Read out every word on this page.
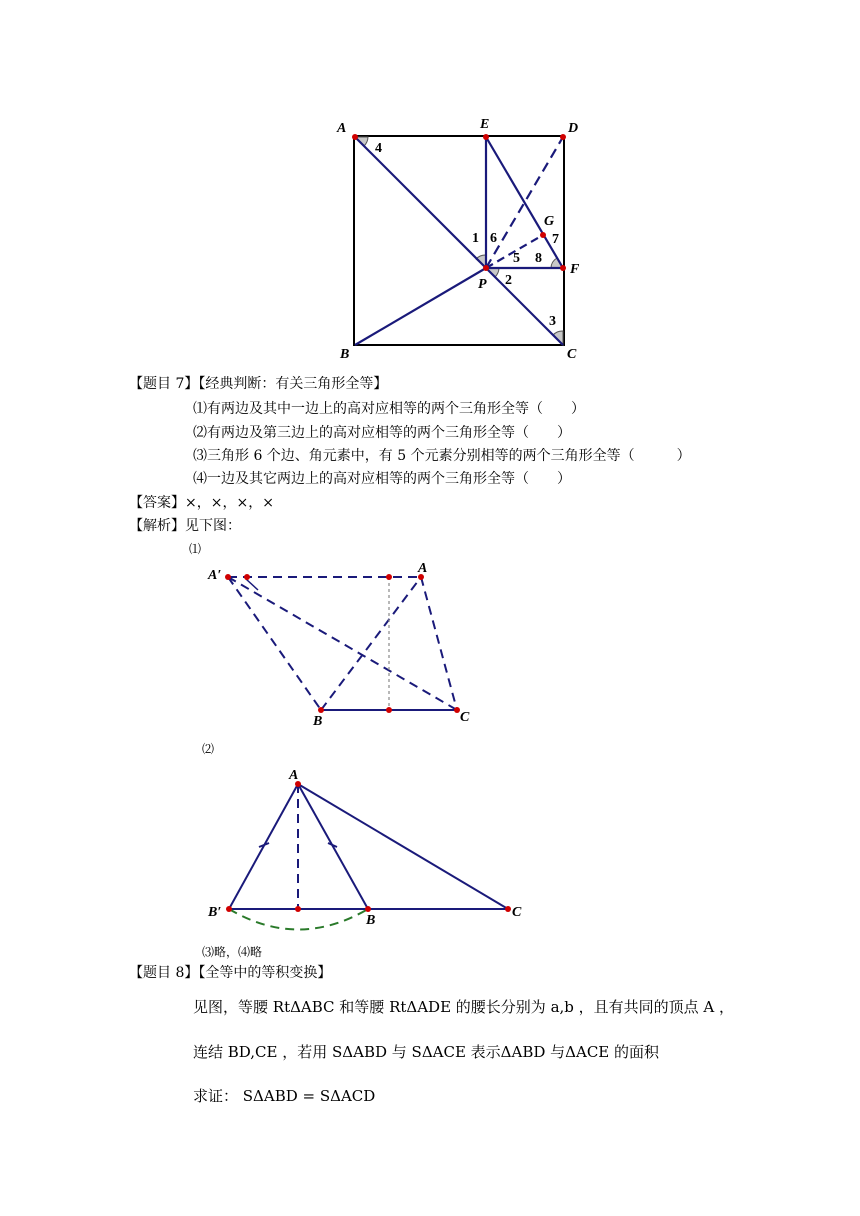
A	E	D
G
F
P
B	C
1
2
3
4
5
6	7
8
【题目 7】【经典判断：有关三角形全等】
⑴有两边及其中一边上的高对应相等的两个三角形全等（　　）
⑵有两边及第三边上的高对应相等的两个三角形全等（　　）
⑶三角形 6 个边、角元素中，有 5 个元素分别相等的两个三角形全等（　　　）
⑷一边及其它两边上的高对应相等的两个三角形全等（　　）
【答案】×，×，×，×
【解析】见下图：
⑴
A′	A
B	C
⑵
A
B′
B
C
⑶略，⑷略
【题目 8】【全等中的等积变换】
见图，等腰 RtΔABC 和等腰 RtΔADE 的腰长分别为 a,b ，且有共同的顶点 A ，
连结 BD,CE ，若用 SΔABD 与 SΔACE 表示ΔABD 与ΔACE 的面积
求证： SΔABD = SΔACD
